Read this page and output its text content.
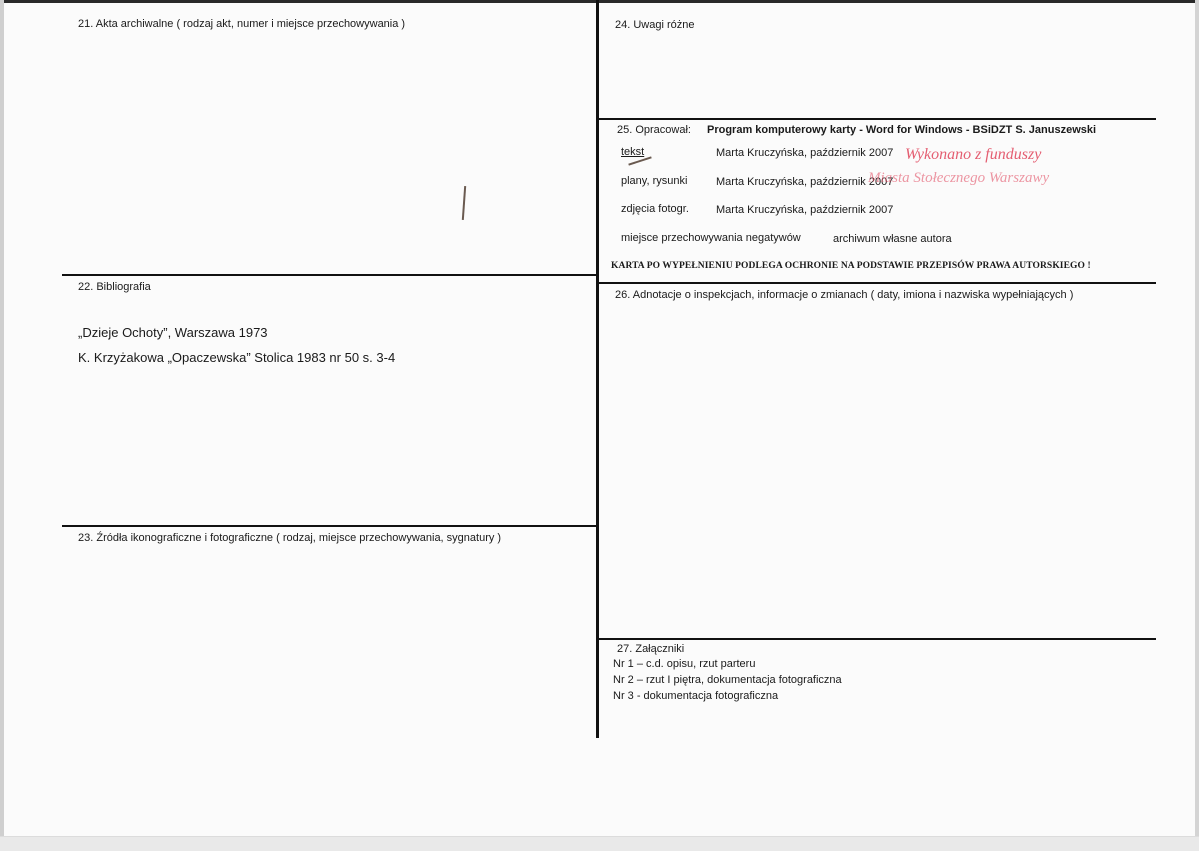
21. Akta archiwalne ( rodzaj akt, numer i miejsce przechowywania )
22. Bibliografia
„Dzieje Ochoty”, Warszawa 1973
K. Krzyżakowa „Opaczewska” Stolica 1983 nr 50 s. 3-4
23. Źródła ikonograficzne i fotograficzne ( rodzaj, miejsce przechowywania, sygnatury )
24. Uwagi różne
25. Opracował: Program komputerowy karty - Word for Windows - BSiDZT S. Januszewski
tekst	Marta Kruczyńska, październik 2007
plany, rysunki	Marta Kruczyńska, październik 2007
zdjęcia fotogr. Marta Kruczyńska, październik 2007
miejsce przechowywania negatywów	archiwum własne autora
KARTA PO WYPEŁNIENIU PODLEGA OCHRONIE NA PODSTAWIE PRZEPISÓW PRAWA AUTORSKIEGO !
Wykonano z funduszy
Miasta Stołecznego Warszawy
26. Adnotacje o inspekcjach, informacje o zmianach ( daty, imiona i nazwiska wypełniających )
27. Załączniki
Nr 1 – c.d. opisu, rzut parteru
Nr 2 – rzut I piętra, dokumentacja fotograficzna
Nr 3 - dokumentacja fotograficzna
